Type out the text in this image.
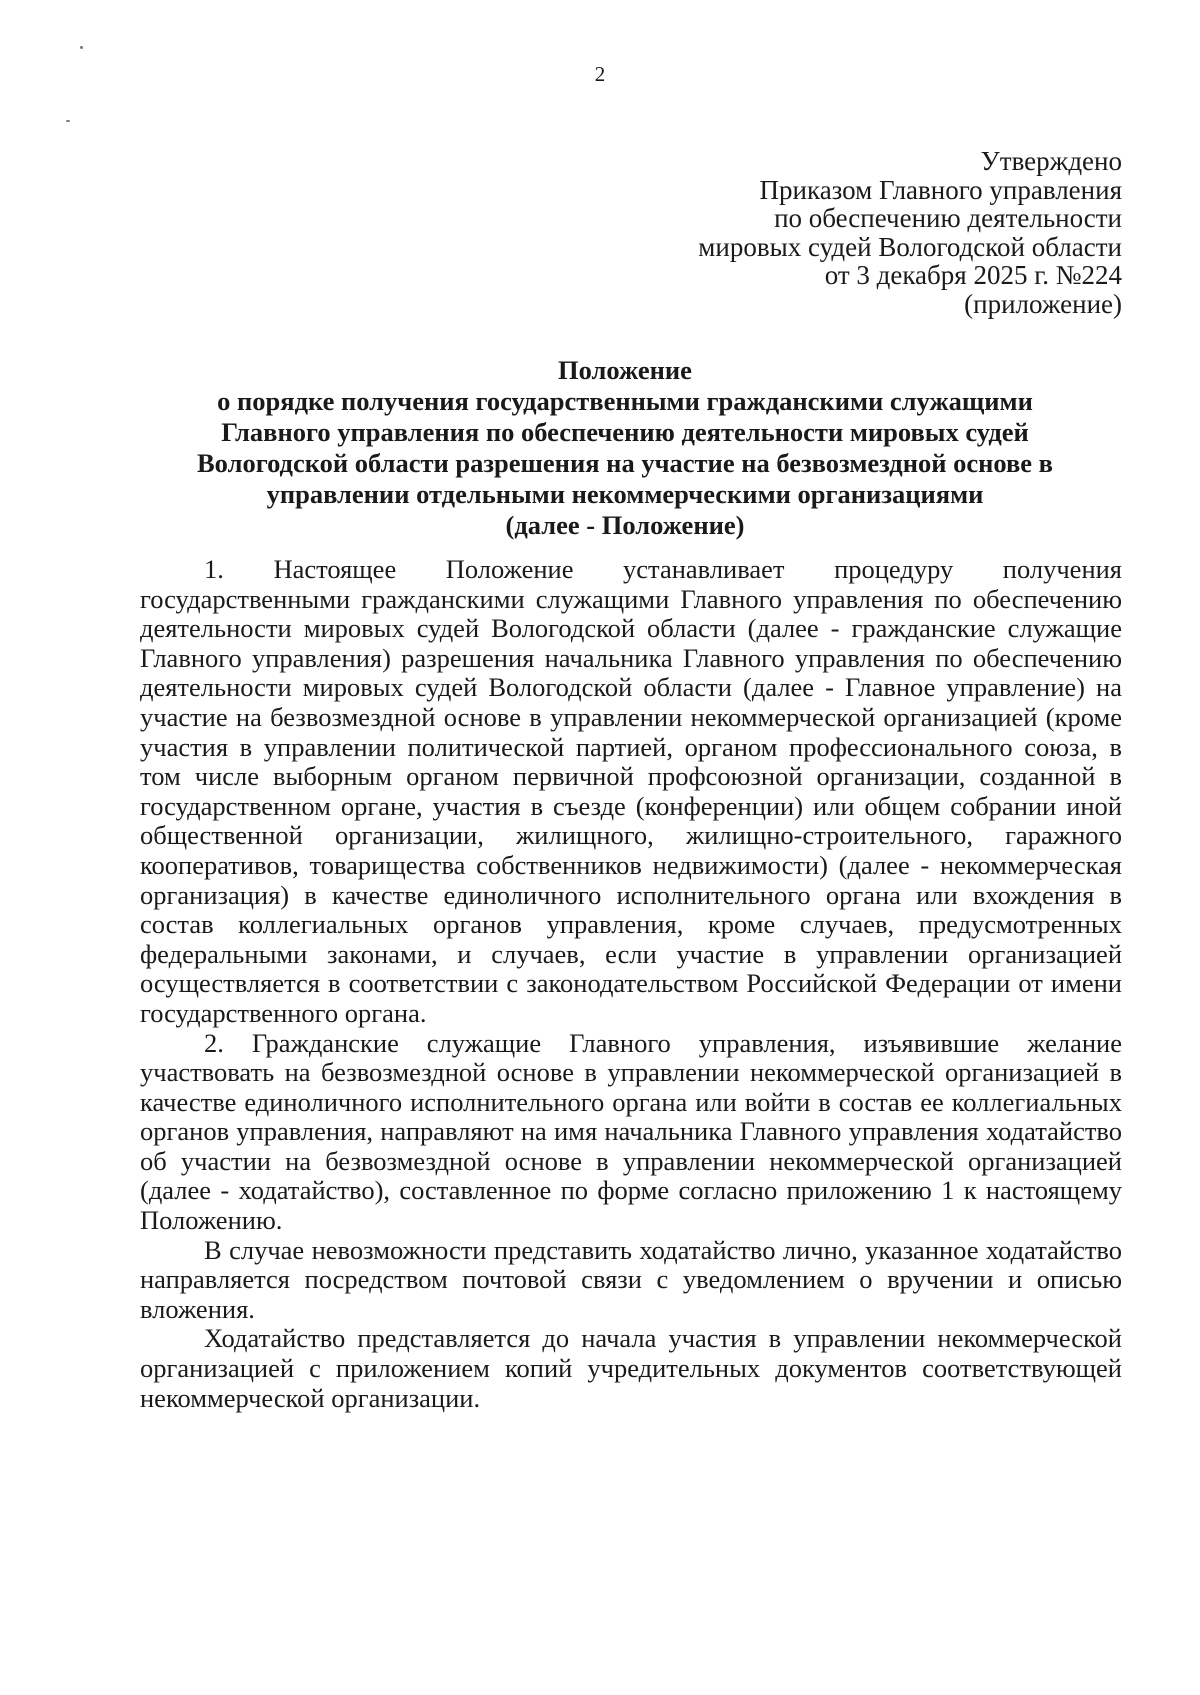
2
Утверждено
Приказом Главного управления
по обеспечению деятельности
мировых судей Вологодской области
от 3 декабря 2025 г. №224
(приложение)
Положение
о порядке получения государственными гражданскими служащими
Главного управления по обеспечению деятельности мировых судей
Вологодской области разрешения на участие на безвозмездной основе в
управлении отдельными некоммерческими организациями
(далее - Положение)

1. Настоящее Положение устанавливает процедуру получения государственными гражданскими служащими Главного управления по обеспечению деятельности мировых судей Вологодской области (далее - гражданские служащие Главного управления) разрешения начальника Главного управления по обеспечению деятельности мировых судей Вологодской области (далее - Главное управление) на участие на безвозмездной основе в управлении некоммерческой организацией (кроме участия в управлении политической партией, органом профессионального союза, в том числе выборным органом первичной профсоюзной организации, созданной в государственном органе, участия в съезде (конференции) или общем собрании иной общественной организации, жилищного, жилищно-строительного, гаражного кооперативов, товарищества собственников недвижимости) (далее - некоммерческая организация) в качестве единоличного исполнительного органа или вхождения в состав коллегиальных органов управления, кроме случаев, предусмотренных федеральными законами, и случаев, если участие в управлении организацией осуществляется в соответствии с законодательством Российской Федерации от имени государственного органа.

2. Гражданские служащие Главного управления, изъявившие желание участвовать на безвозмездной основе в управлении некоммерческой организацией в качестве единоличного исполнительного органа или войти в состав ее коллегиальных органов управления, направляют на имя начальника Главного управления ходатайство об участии на безвозмездной основе в управлении некоммерческой организацией (далее - ходатайство), составленное по форме согласно приложению 1 к настоящему Положению.

В случае невозможности представить ходатайство лично, указанное ходатайство направляется посредством почтовой связи с уведомлением о вручении и описью вложения.

Ходатайство представляется до начала участия в управлении некоммерческой организацией с приложением копий учредительных документов соответствующей некоммерческой организации.
